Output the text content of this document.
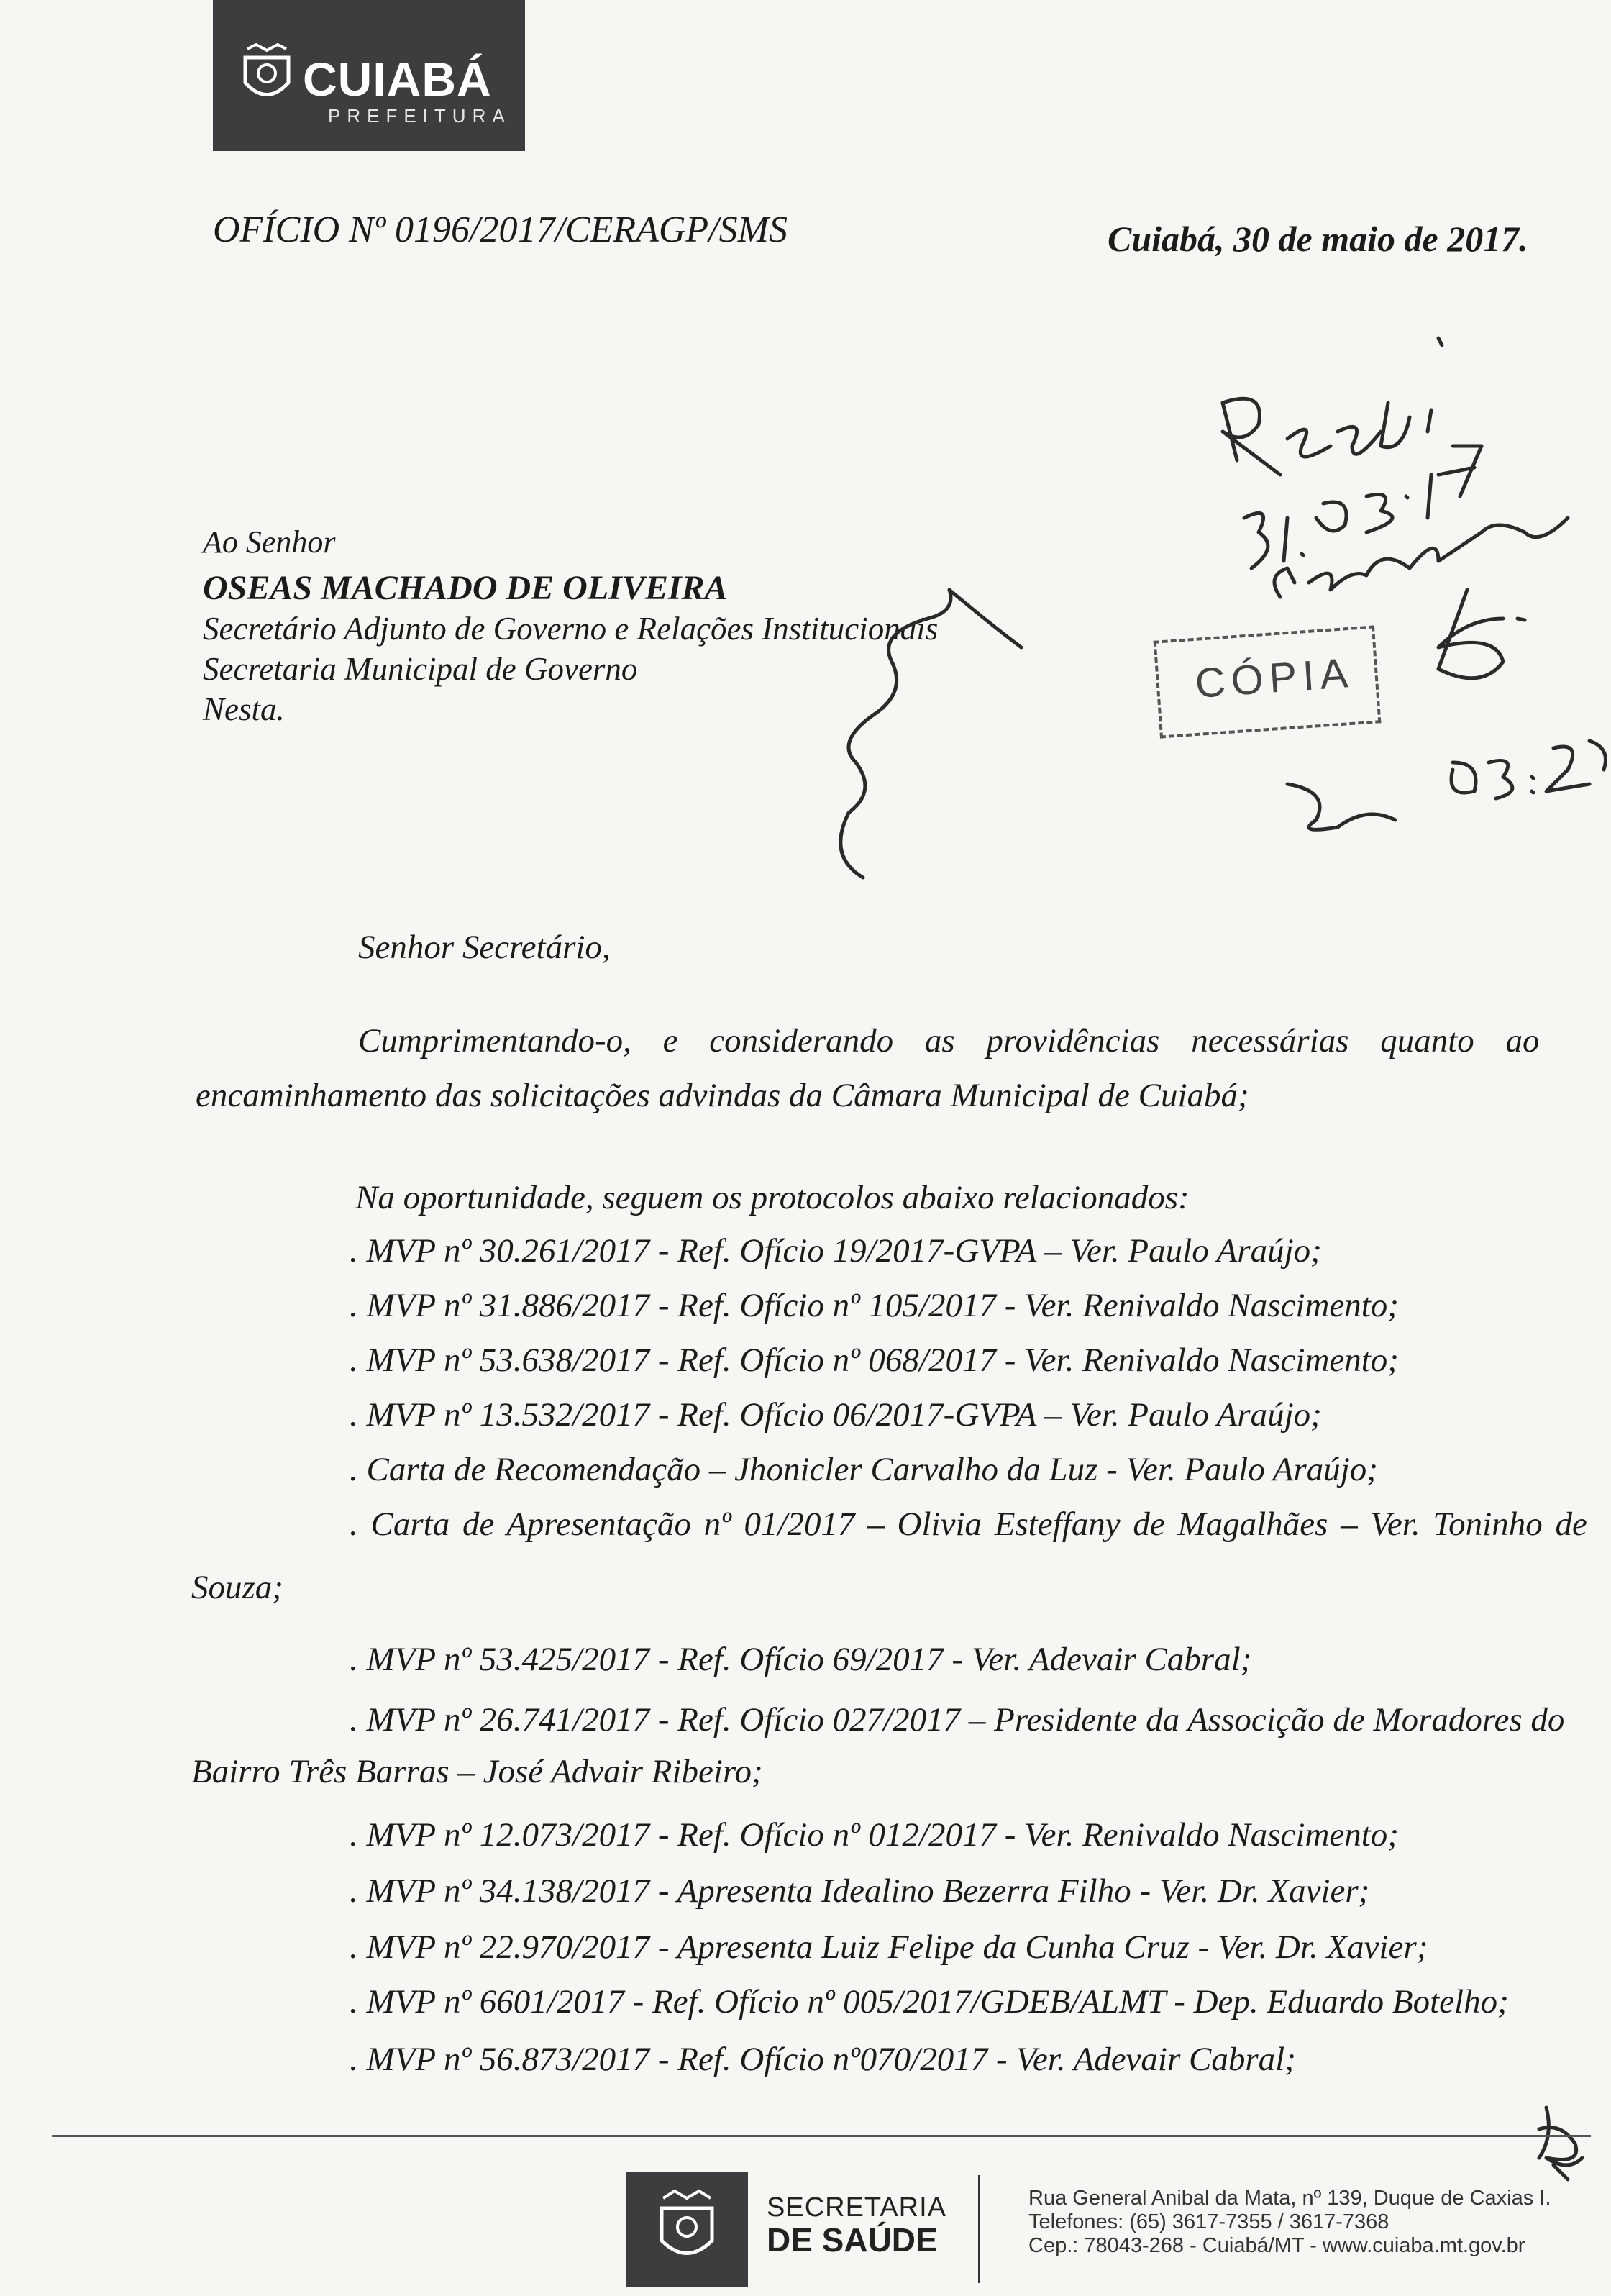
CUIABÁ
PREFEITURA
OFÍCIO Nº 0196/2017/CERAGP/SMS	Cuiabá, 30 de maio de 2017.
Ao Senhor
OSEAS MACHADO DE OLIVEIRA
Secretário Adjunto de Governo e Relações Institucionais
Secretaria Municipal de Governo
Nesta.
Senhor Secretário,
Cumprimentando-o, e considerando as providências necessárias quanto ao
encaminhamento das solicitações advindas da Câmara Municipal de Cuiabá;
Na oportunidade, seguem os protocolos abaixo relacionados:
. MVP nº 30.261/2017 - Ref. Ofício 19/2017-GVPA – Ver. Paulo Araújo;
. MVP nº 31.886/2017 - Ref. Ofício nº 105/2017 - Ver. Renivaldo Nascimento;
. MVP nº 53.638/2017 - Ref. Ofício nº 068/2017 - Ver. Renivaldo Nascimento;
. MVP nº 13.532/2017 - Ref. Ofício 06/2017-GVPA – Ver. Paulo Araújo;
. Carta de Recomendação – Jhonicler Carvalho da Luz - Ver. Paulo Araújo;
. Carta de Apresentação nº 01/2017 – Olivia Esteffany de Magalhães – Ver. Toninho de
Souza;
. MVP nº 53.425/2017 - Ref. Ofício 69/2017 - Ver. Adevair Cabral;
. MVP nº 26.741/2017 - Ref. Ofício 027/2017 – Presidente da Associção de Moradores do
Bairro Três Barras – José Advair Ribeiro;
. MVP nº 12.073/2017 - Ref. Ofício nº 012/2017 - Ver. Renivaldo Nascimento;
. MVP nº 34.138/2017 - Apresenta Idealino Bezerra Filho - Ver. Dr. Xavier;
. MVP nº 22.970/2017 - Apresenta Luiz Felipe da Cunha Cruz - Ver. Dr. Xavier;
. MVP nº 6601/2017 - Ref. Ofício nº 005/2017/GDEB/ALMT - Dep. Eduardo Botelho;
. MVP nº 56.873/2017 - Ref. Ofício nº070/2017 - Ver. Adevair Cabral;
CÓPIA
SECRETARIA
DE SAÚDE
Rua General Anibal da Mata, nº 139, Duque de Caxias I.
Telefones: (65) 3617-7355 / 3617-7368
Cep.: 78043-268 - Cuiabá/MT - www.cuiaba.mt.gov.br
